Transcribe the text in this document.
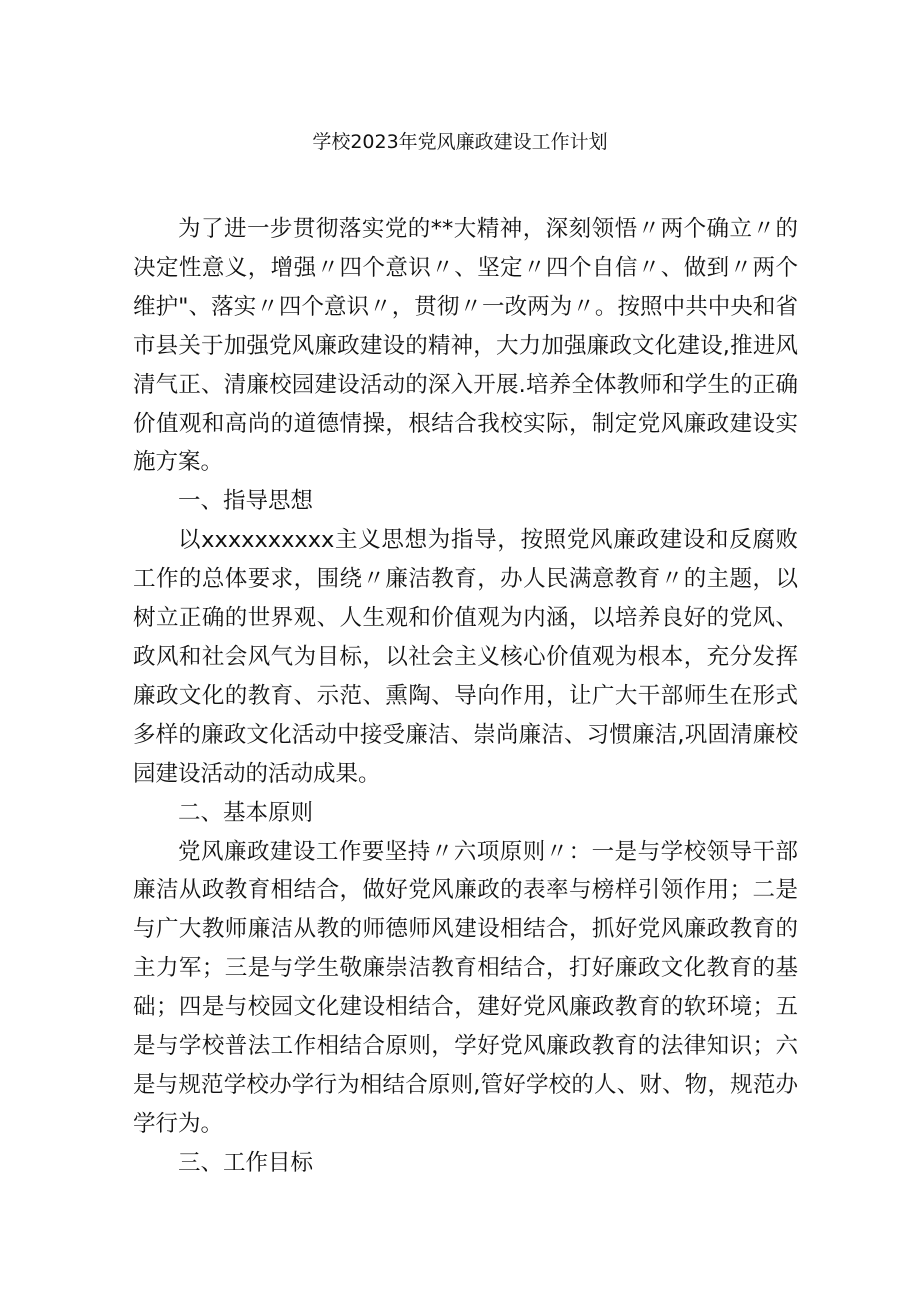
学校2023年党风廉政建设工作计划

为了进一步贯彻落实党的**大精神，深刻领悟〃两个确立〃的决定性意义，增强〃四个意识〃、坚定〃四个自信〃、做到〃两个维护"、落实〃四个意识〃，贯彻〃一改两为〃。按照中共中央和省市县关于加强党风廉政建设的精神，大力加强廉政文化建设,推进风清气正、清廉校园建设活动的深入开展.培养全体教师和学生的正确价值观和高尚的道德情操，根结合我校实际，制定党风廉政建设实施方案。

一、指导思想

以xxxxxxxxxx主义思想为指导，按照党风廉政建设和反腐败工作的总体要求，围绕〃廉洁教育，办人民满意教育〃的主题，以树立正确的世界观、人生观和价值观为内涵，以培养良好的党风、政风和社会风气为目标，以社会主义核心价值观为根本，充分发挥廉政文化的教育、示范、熏陶、导向作用，让广大干部师生在形式多样的廉政文化活动中接受廉洁、崇尚廉洁、习惯廉洁,巩固清廉校园建设活动的活动成果。

二、基本原则

党风廉政建设工作要坚持〃六项原则〃：一是与学校领导干部廉洁从政教育相结合，做好党风廉政的表率与榜样引领作用；二是与广大教师廉洁从教的师德师风建设相结合，抓好党风廉政教育的主力军；三是与学生敬廉崇洁教育相结合，打好廉政文化教育的基础；四是与校园文化建设相结合，建好党风廉政教育的软环境；五是与学校普法工作相结合原则，学好党风廉政教育的法律知识；六是与规范学校办学行为相结合原则,管好学校的人、财、物，规范办学行为。

三、工作目标
